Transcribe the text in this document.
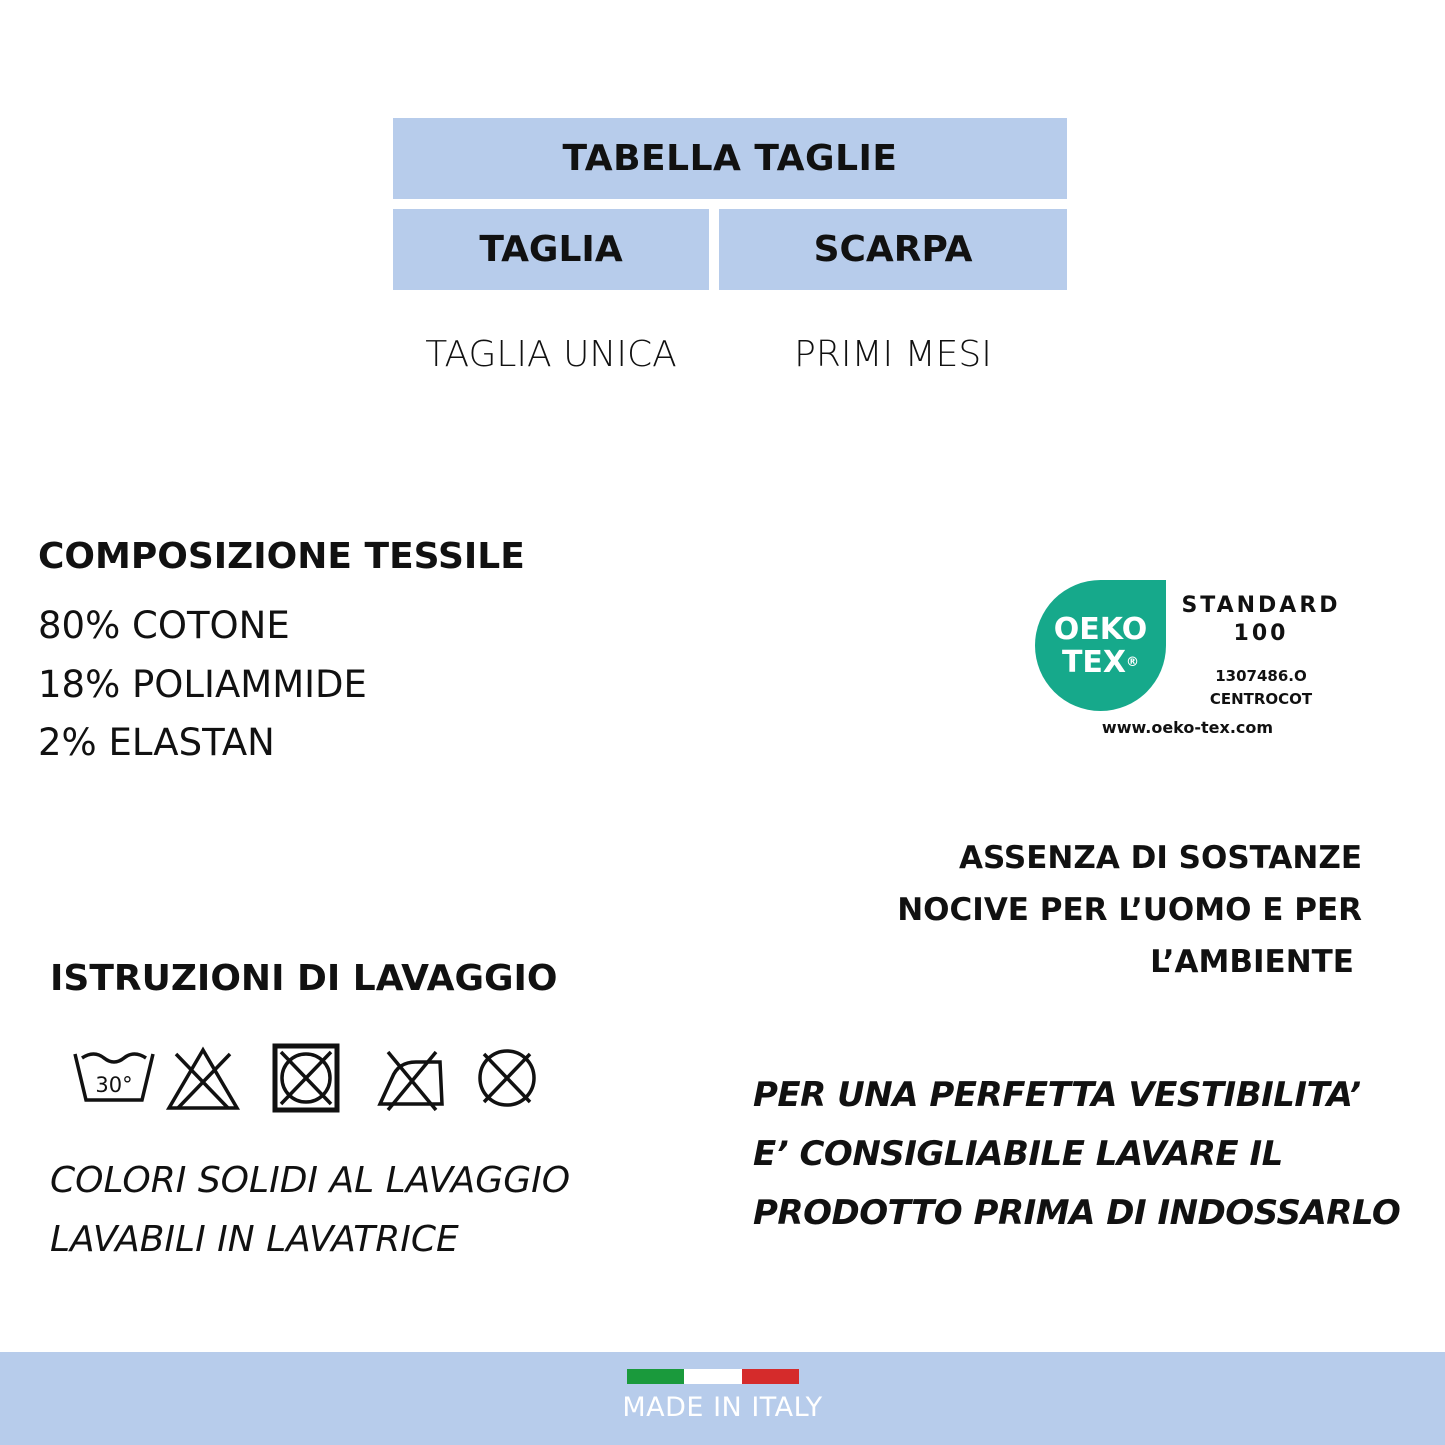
TABELLA TAGLIE
TAGLIA	SCARPA
TAGLIA UNICA	PRIMI MESI
COMPOSIZIONE TESSILE
80% COTONE
18% POLIAMMIDE
2% ELASTAN
OEKO
TEX®
STANDARD
100
1307486.O
CENTROCOT
www.oeko-tex.com
ASSENZA DI SOSTANZE
NOCIVE PER L’UOMO E PER
L’AMBIENTE
ISTRUZIONI DI LAVAGGIO
30°
COLORI SOLIDI AL LAVAGGIO
LAVABILI IN LAVATRICE
PER UNA PERFETTA VESTIBILITA’
E’ CONSIGLIABILE LAVARE IL
PRODOTTO PRIMA DI INDOSSARLO
MADE IN ITALY
